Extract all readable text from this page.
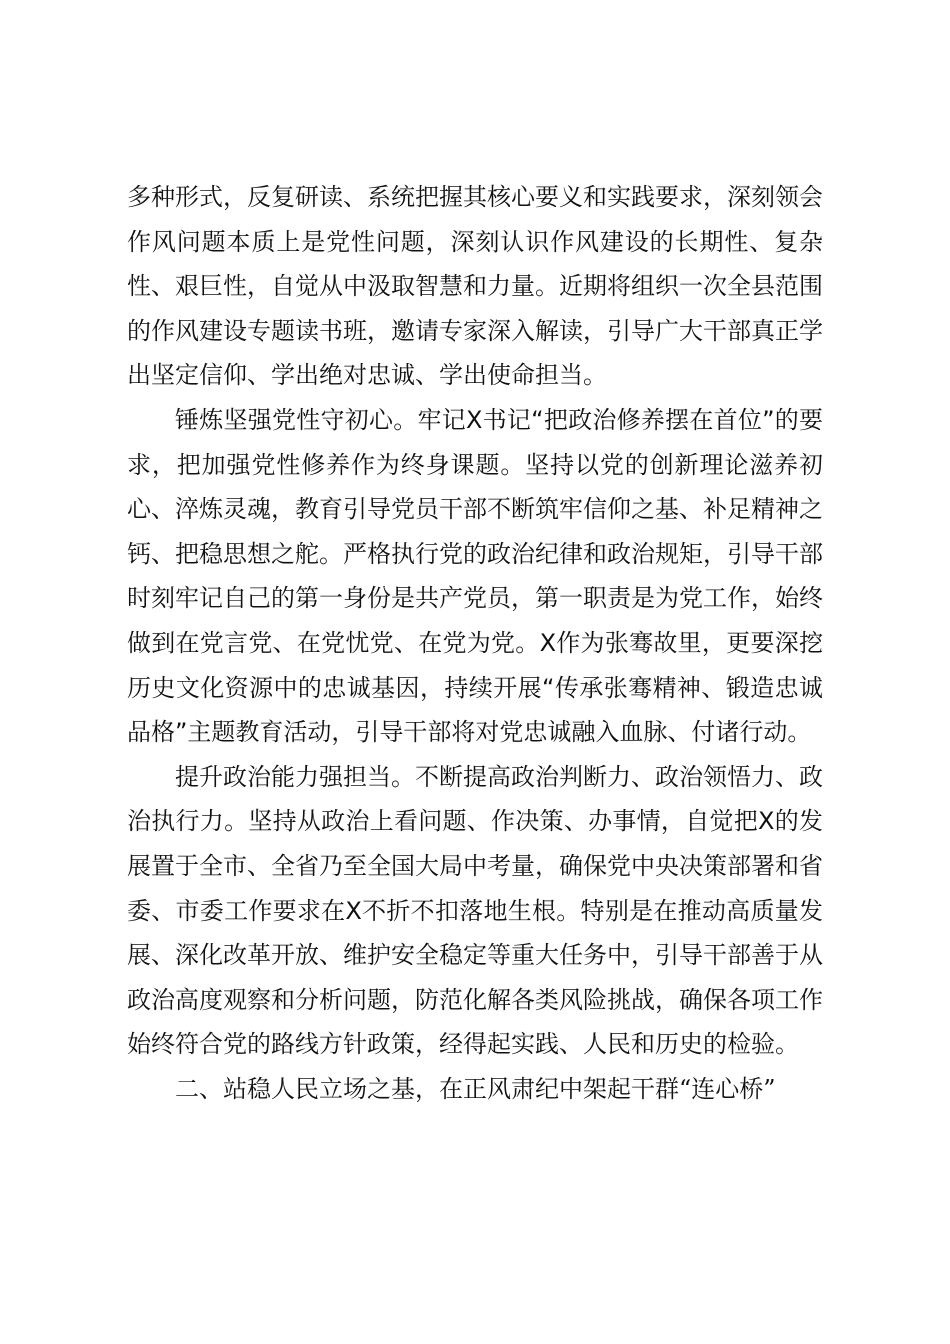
多种形式，反复研读、系统把握其核心要义和实践要求，深刻领会作风问题本质上是党性问题，深刻认识作风建设的长期性、复杂性、艰巨性，自觉从中汲取智慧和力量。近期将组织一次全县范围的作风建设专题读书班，邀请专家深入解读，引导广大干部真正学出坚定信仰、学出绝对忠诚、学出使命担当。

锤炼坚强党性守初心。牢记X书记“把政治修养摆在首位”的要求，把加强党性修养作为终身课题。坚持以党的创新理论滋养初心、淬炼灵魂，教育引导党员干部不断筑牢信仰之基、补足精神之钙、把稳思想之舵。严格执行党的政治纪律和政治规矩，引导干部时刻牢记自己的第一身份是共产党员，第一职责是为党工作，始终做到在党言党、在党忧党、在党为党。X作为张骞故里，更要深挖历史文化资源中的忠诚基因，持续开展“传承张骞精神、锻造忠诚品格”主题教育活动，引导干部将对党忠诚融入血脉、付诸行动。

提升政治能力强担当。不断提高政治判断力、政治领悟力、政治执行力。坚持从政治上看问题、作决策、办事情，自觉把X的发展置于全市、全省乃至全国大局中考量，确保党中央决策部署和省委、市委工作要求在X不折不扣落地生根。特别是在推动高质量发展、深化改革开放、维护安全稳定等重大任务中，引导干部善于从政治高度观察和分析问题，防范化解各类风险挑战，确保各项工作始终符合党的路线方针政策，经得起实践、人民和历史的检验。

二、站稳人民立场之基，在正风肃纪中架起干群“连心桥”
